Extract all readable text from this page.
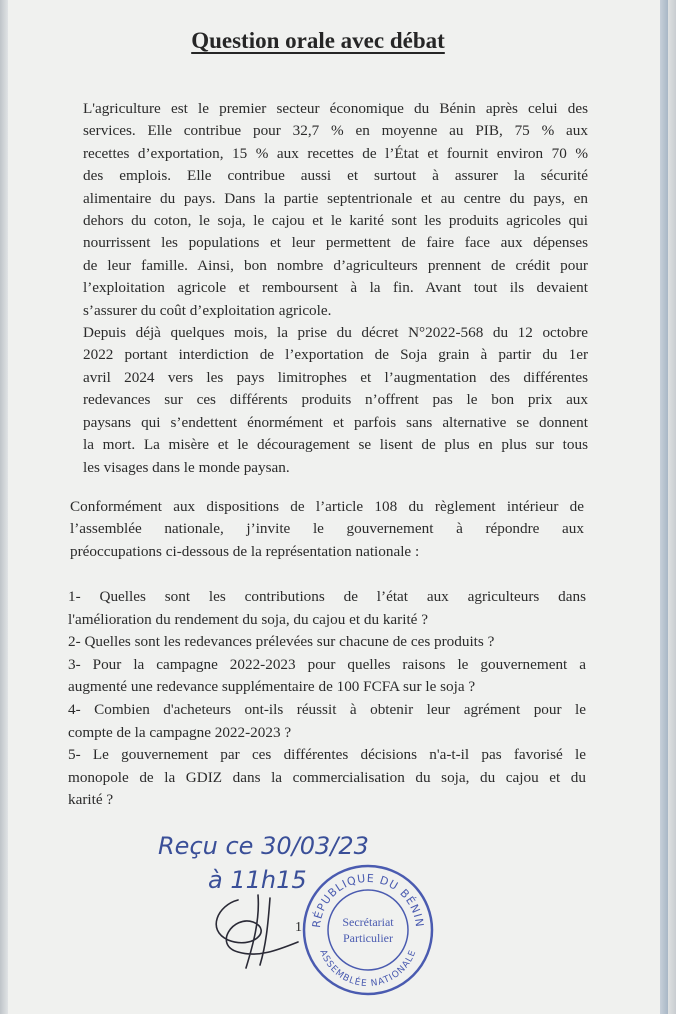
Question orale avec débat
L'agriculture est le premier secteur économique du Bénin après celui des
services. Elle contribue pour 32,7 % en moyenne au PIB, 75 % aux
recettes d’exportation, 15 % aux recettes de l’État et fournit environ 70 %
des emplois. Elle contribue aussi et surtout à assurer la sécurité
alimentaire du pays. Dans la partie septentrionale et au centre du pays, en
dehors du coton, le soja, le cajou et le karité sont les produits agricoles qui
nourrissent les populations et leur permettent de faire face aux dépenses
de leur famille. Ainsi, bon nombre d’agriculteurs prennent de crédit pour
l’exploitation agricole et remboursent à la fin. Avant tout ils devaient
s’assurer du coût d’exploitation agricole.
Depuis déjà quelques mois, la prise du décret N°2022-568 du 12 octobre
2022 portant interdiction de l’exportation de Soja grain à partir du 1er
avril 2024 vers les pays limitrophes et l’augmentation des différentes
redevances sur ces différents produits n’offrent pas le bon prix aux
paysans qui s’endettent énormément et parfois sans alternative se donnent
la mort. La misère et le découragement se lisent de plus en plus sur tous
les visages dans le monde paysan.
Conformément aux dispositions de l’article 108 du règlement intérieur de
l’assemblée nationale, j’invite le gouvernement à répondre aux
préoccupations ci-dessous de la représentation nationale :
1- Quelles sont les contributions de l’état aux agriculteurs dans
l'amélioration du rendement du soja, du cajou et du karité ?
2- Quelles sont les redevances prélevées sur chacune de ces produits ?
3- Pour la campagne 2022-2023 pour quelles raisons le gouvernement a
augmenté une redevance supplémentaire de 100 FCFA sur le soja ?
4- Combien d'acheteurs ont-ils réussit à obtenir leur agrément pour le
compte de la campagne 2022-2023 ?
5- Le gouvernement par ces différentes décisions n'a-t-il pas favorisé le
monopole de la GDIZ dans la commercialisation du soja, du cajou et du
karité ?
Reçu ce 30/03/23
à 11h15
1 RÉPUBLIQUE DU BÉNIN
ASSEMBLÉE NATIONALE
Secrétariat
Particulier
